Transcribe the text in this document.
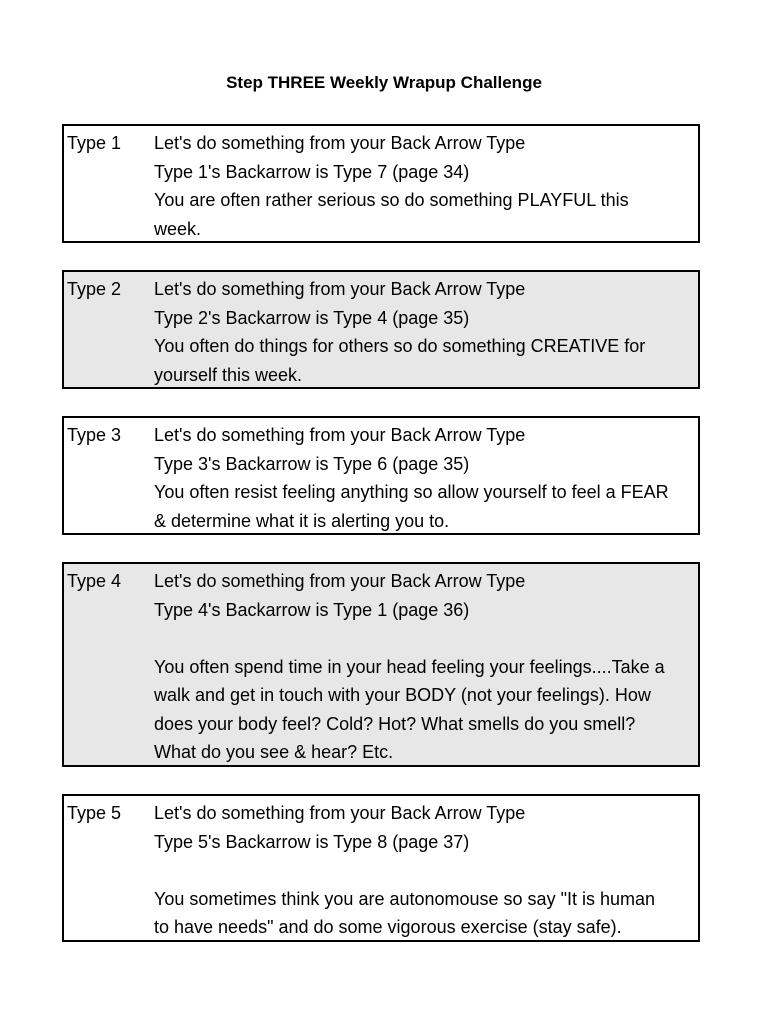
Step THREE Weekly Wrapup Challenge
Type 1 Let's do something from your Back Arrow Type
Type 1's Backarrow is Type 7 (page 34)
You are often rather serious so do something PLAYFUL this
week.
Type 2 Let's do something from your Back Arrow Type
Type 2's Backarrow is Type 4 (page 35)
You often do things for others so do something CREATIVE for
yourself this week.
Type 3 Let's do something from your Back Arrow Type
Type 3's Backarrow is Type 6 (page 35)
You often resist feeling anything so allow yourself to feel a FEAR
& determine what it is alerting you to.
Type 4 Let's do something from your Back Arrow Type
Type 4's Backarrow is Type 1 (page 36)
You often spend time in your head feeling your feelings....Take a
walk and get in touch with your BODY (not your feelings). How
does your body feel? Cold? Hot? What smells do you smell?
What do you see & hear? Etc.
Type 5 Let's do something from your Back Arrow Type
Type 5's Backarrow is Type 8 (page 37)
You sometimes think you are autonomouse so say "It is human
to have needs" and do some vigorous exercise (stay safe).
